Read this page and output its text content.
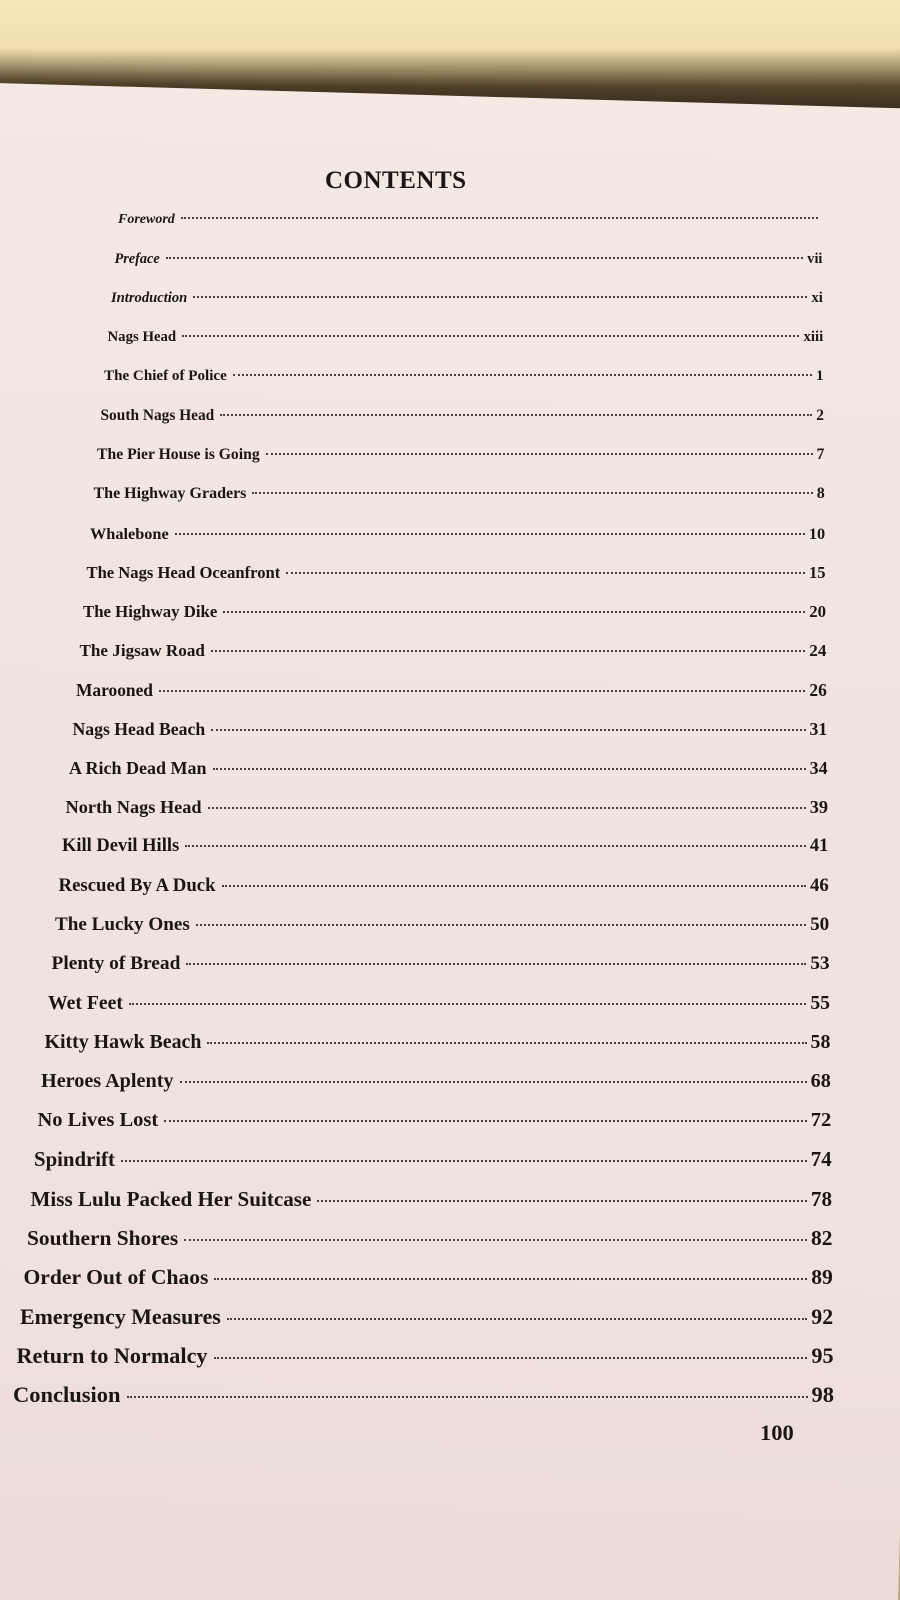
CONTENTS
Foreword
Preface	vii
Introduction	xi
Nags Head	xiii
The Chief of Police	1
South Nags Head	2
The Pier House is Going	7
The Highway Graders	8
Whalebone	10
The Nags Head Oceanfront	15
The Highway Dike	20
The Jigsaw Road	24
Marooned	26
Nags Head Beach	31
A Rich Dead Man	34
North Nags Head	39
Kill Devil Hills	41
Rescued By A Duck	46
The Lucky Ones	50
Plenty of Bread	53
Wet Feet	55
Kitty Hawk Beach	58
Heroes Aplenty	68
No Lives Lost	72
Spindrift	74
Miss Lulu Packed Her Suitcase	78
Southern Shores	82
Order Out of Chaos	89
Emergency Measures	92
Return to Normalcy	95
Conclusion	98
100
